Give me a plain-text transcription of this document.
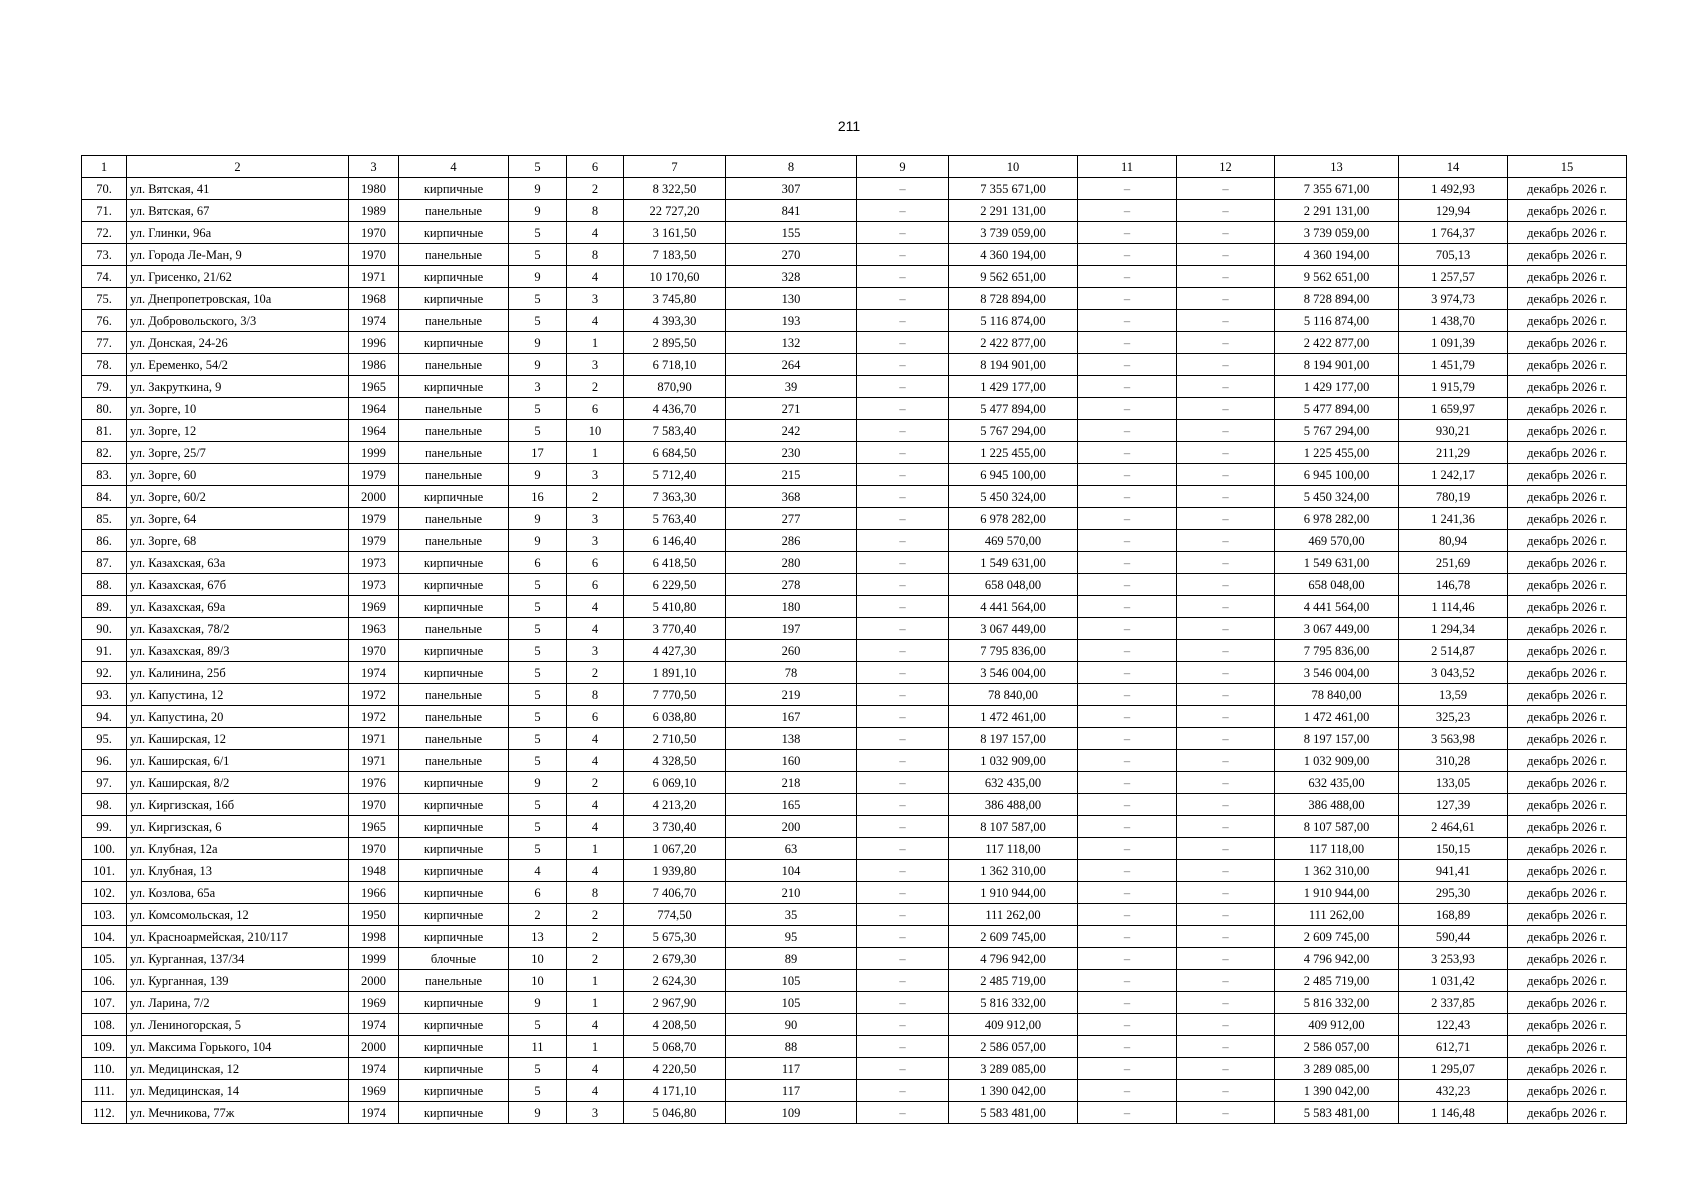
211
1	2	3	4	5	6	7	8	9	10	11	12	13	14	15
70.	ул. Вятская, 41	1980	кирпичные	9	2	8 322,50	307	–	7 355 671,00	–	–	7 355 671,00	1 492,93	декабрь 2026 г.
71.	ул. Вятская, 67	1989	панельные	9	8	22 727,20	841	–	2 291 131,00	–	–	2 291 131,00	129,94	декабрь 2026 г.
72.	ул. Глинки, 96а	1970	кирпичные	5	4	3 161,50	155	–	3 739 059,00	–	–	3 739 059,00	1 764,37	декабрь 2026 г.
73.	ул. Города Ле-Ман, 9	1970	панельные	5	8	7 183,50	270	–	4 360 194,00	–	–	4 360 194,00	705,13	декабрь 2026 г.
74.	ул. Грисенко, 21/62	1971	кирпичные	9	4	10 170,60	328	–	9 562 651,00	–	–	9 562 651,00	1 257,57	декабрь 2026 г.
75.	ул. Днепропетровская, 10а	1968	кирпичные	5	3	3 745,80	130	–	8 728 894,00	–	–	8 728 894,00	3 974,73	декабрь 2026 г.
76.	ул. Добровольского, 3/3	1974	панельные	5	4	4 393,30	193	–	5 116 874,00	–	–	5 116 874,00	1 438,70	декабрь 2026 г.
77.	ул. Донская, 24-26	1996	кирпичные	9	1	2 895,50	132	–	2 422 877,00	–	–	2 422 877,00	1 091,39	декабрь 2026 г.
78.	ул. Еременко, 54/2	1986	панельные	9	3	6 718,10	264	–	8 194 901,00	–	–	8 194 901,00	1 451,79	декабрь 2026 г.
79.	ул. Закруткина, 9	1965	кирпичные	3	2	870,90	39	–	1 429 177,00	–	–	1 429 177,00	1 915,79	декабрь 2026 г.
80.	ул. Зорге, 10	1964	панельные	5	6	4 436,70	271	–	5 477 894,00	–	–	5 477 894,00	1 659,97	декабрь 2026 г.
81.	ул. Зорге, 12	1964	панельные	5	10	7 583,40	242	–	5 767 294,00	–	–	5 767 294,00	930,21	декабрь 2026 г.
82.	ул. Зорге, 25/7	1999	панельные	17	1	6 684,50	230	–	1 225 455,00	–	–	1 225 455,00	211,29	декабрь 2026 г.
83.	ул. Зорге, 60	1979	панельные	9	3	5 712,40	215	–	6 945 100,00	–	–	6 945 100,00	1 242,17	декабрь 2026 г.
84.	ул. Зорге, 60/2	2000	кирпичные	16	2	7 363,30	368	–	5 450 324,00	–	–	5 450 324,00	780,19	декабрь 2026 г.
85.	ул. Зорге, 64	1979	панельные	9	3	5 763,40	277	–	6 978 282,00	–	–	6 978 282,00	1 241,36	декабрь 2026 г.
86.	ул. Зорге, 68	1979	панельные	9	3	6 146,40	286	–	469 570,00	–	–	469 570,00	80,94	декабрь 2026 г.
87.	ул. Казахская, 63а	1973	кирпичные	6	6	6 418,50	280	–	1 549 631,00	–	–	1 549 631,00	251,69	декабрь 2026 г.
88.	ул. Казахская, 67б	1973	кирпичные	5	6	6 229,50	278	–	658 048,00	–	–	658 048,00	146,78	декабрь 2026 г.
89.	ул. Казахская, 69а	1969	кирпичные	5	4	5 410,80	180	–	4 441 564,00	–	–	4 441 564,00	1 114,46	декабрь 2026 г.
90.	ул. Казахская, 78/2	1963	панельные	5	4	3 770,40	197	–	3 067 449,00	–	–	3 067 449,00	1 294,34	декабрь 2026 г.
91.	ул. Казахская, 89/3	1970	кирпичные	5	3	4 427,30	260	–	7 795 836,00	–	–	7 795 836,00	2 514,87	декабрь 2026 г.
92.	ул. Калинина, 25б	1974	кирпичные	5	2	1 891,10	78	–	3 546 004,00	–	–	3 546 004,00	3 043,52	декабрь 2026 г.
93.	ул. Капустина, 12	1972	панельные	5	8	7 770,50	219	–	78 840,00	–	–	78 840,00	13,59	декабрь 2026 г.
94.	ул. Капустина, 20	1972	панельные	5	6	6 038,80	167	–	1 472 461,00	–	–	1 472 461,00	325,23	декабрь 2026 г.
95.	ул. Каширская, 12	1971	панельные	5	4	2 710,50	138	–	8 197 157,00	–	–	8 197 157,00	3 563,98	декабрь 2026 г.
96.	ул. Каширская, 6/1	1971	панельные	5	4	4 328,50	160	–	1 032 909,00	–	–	1 032 909,00	310,28	декабрь 2026 г.
97.	ул. Каширская, 8/2	1976	кирпичные	9	2	6 069,10	218	–	632 435,00	–	–	632 435,00	133,05	декабрь 2026 г.
98.	ул. Киргизская, 16б	1970	кирпичные	5	4	4 213,20	165	–	386 488,00	–	–	386 488,00	127,39	декабрь 2026 г.
99.	ул. Киргизская, 6	1965	кирпичные	5	4	3 730,40	200	–	8 107 587,00	–	–	8 107 587,00	2 464,61	декабрь 2026 г.
100.	ул. Клубная, 12а	1970	кирпичные	5	1	1 067,20	63	–	117 118,00	–	–	117 118,00	150,15	декабрь 2026 г.
101.	ул. Клубная, 13	1948	кирпичные	4	4	1 939,80	104	–	1 362 310,00	–	–	1 362 310,00	941,41	декабрь 2026 г.
102.	ул. Козлова, 65а	1966	кирпичные	6	8	7 406,70	210	–	1 910 944,00	–	–	1 910 944,00	295,30	декабрь 2026 г.
103.	ул. Комсомольская, 12	1950	кирпичные	2	2	774,50	35	–	111 262,00	–	–	111 262,00	168,89	декабрь 2026 г.
104.	ул. Красноармейская, 210/117	1998	кирпичные	13	2	5 675,30	95	–	2 609 745,00	–	–	2 609 745,00	590,44	декабрь 2026 г.
105.	ул. Курганная, 137/34	1999	блочные	10	2	2 679,30	89	–	4 796 942,00	–	–	4 796 942,00	3 253,93	декабрь 2026 г.
106.	ул. Курганная, 139	2000	панельные	10	1	2 624,30	105	–	2 485 719,00	–	–	2 485 719,00	1 031,42	декабрь 2026 г.
107.	ул. Ларина, 7/2	1969	кирпичные	9	1	2 967,90	105	–	5 816 332,00	–	–	5 816 332,00	2 337,85	декабрь 2026 г.
108.	ул. Лениногорская, 5	1974	кирпичные	5	4	4 208,50	90	–	409 912,00	–	–	409 912,00	122,43	декабрь 2026 г.
109.	ул. Максима Горького, 104	2000	кирпичные	11	1	5 068,70	88	–	2 586 057,00	–	–	2 586 057,00	612,71	декабрь 2026 г.
110.	ул. Медицинская, 12	1974	кирпичные	5	4	4 220,50	117	–	3 289 085,00	–	–	3 289 085,00	1 295,07	декабрь 2026 г.
111.	ул. Медицинская, 14	1969	кирпичные	5	4	4 171,10	117	–	1 390 042,00	–	–	1 390 042,00	432,23	декабрь 2026 г.
112.	ул. Мечникова, 77ж	1974	кирпичные	9	3	5 046,80	109	–	5 583 481,00	–	–	5 583 481,00	1 146,48	декабрь 2026 г.
